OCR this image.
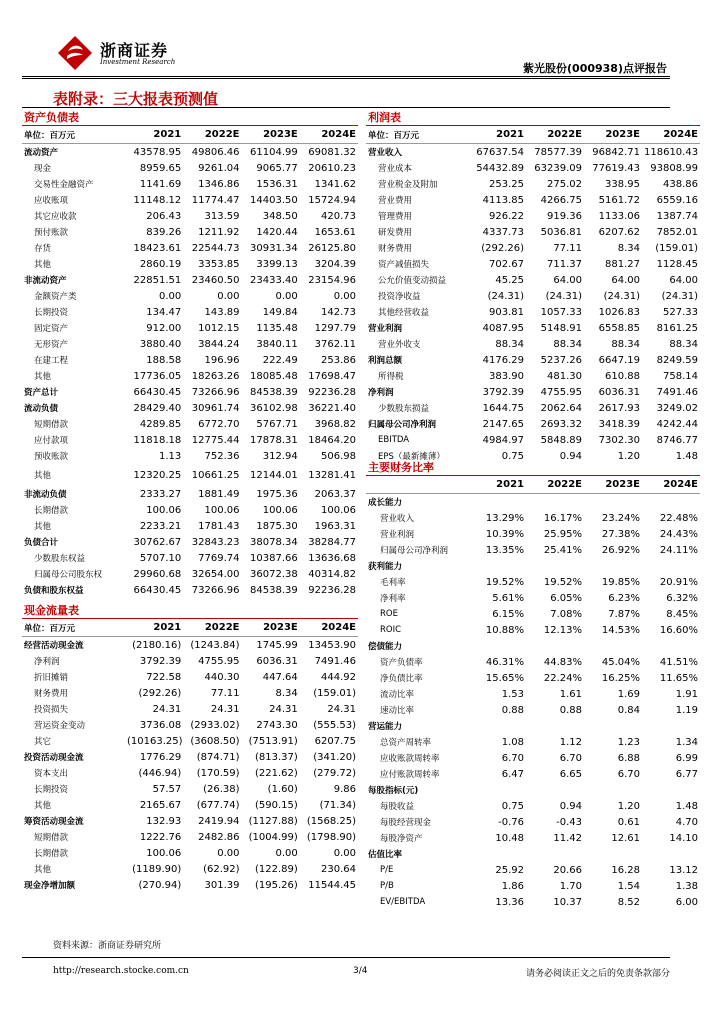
浙商证券
Investment Research	紫光股份(000938)点评报告
表附录：三大报表预测值
资产负债表
单位：百万元	2021	2022E	2023E	2024E
流动资产	43578.95	49806.46	61104.99	69081.32
现金	8959.65	9261.04	9065.77	20610.23
交易性金融资产	1141.69	1346.86	1536.31	1341.62
应收账项	11148.12	11774.47	14403.50	15724.94
其它应收款	206.43	313.59	348.50	420.73
预付账款	839.26	1211.92	1420.44	1653.61
存货	18423.61	22544.73	30931.34	26125.80
其他	2860.19	3353.85	3399.13	3204.39
非流动资产	22851.51	23460.50	23433.40	23154.96
金额资产类	0.00	0.00	0.00	0.00
长期投资	134.47	143.89	149.84	142.73
固定资产	912.00	1012.15	1135.48	1297.79
无形资产	3880.40	3844.24	3840.11	3762.11
在建工程	188.58	196.96	222.49	253.86
其他	17736.05	18263.26	18085.48	17698.47
资产总计	66430.45	73266.96	84538.39	92236.28
流动负债	28429.40	30961.74	36102.98	36221.40
短期借款	4289.85	6772.70	5767.71	3968.82
应付款项	11818.18	12775.44	17878.31	18464.20
预收账款	1.13	752.36	312.94	506.98
其他	12320.25	10661.25	12144.01	13281.41
非流动负债	2333.27	1881.49	1975.36	2063.37
长期借款	100.06	100.06	100.06	100.06
其他	2233.21	1781.43	1875.30	1963.31
负债合计	30762.67	32843.23	38078.34	38284.77
少数股东权益	5707.10	7769.74	10387.66	13636.68
归属母公司股东权	29960.68	32654.00	36072.38	40314.82
负债和股东权益	66430.45	73266.96	84538.39	92236.28
现金流量表
单位：百万元	2021	2022E	2023E	2024E
经营活动现金流	(2180.16)	(1243.84)	1745.99	13453.90
净利润	3792.39	4755.95	6036.31	7491.46
折旧摊销	722.58	440.30	447.64	444.92
财务费用	(292.26)	77.11	8.34	(159.01)
投资损失	24.31	24.31	24.31	24.31
营运资金变动	3736.08	(2933.02)	2743.30	(555.53)
其它	(10163.25)	(3608.50)	(7513.91)	6207.75
投资活动现金流	1776.29	(874.71)	(813.37)	(341.20)
资本支出	(446.94)	(170.59)	(221.62)	(279.72)
长期投资	57.57	(26.38)	(1.60)	9.86
其他	2165.67	(677.74)	(590.15)	(71.34)
筹资活动现金流	132.93	2419.94	(1127.88)	(1568.25)
短期借款	1222.76	2482.86	(1004.99)	(1798.90)
长期借款	100.06	0.00	0.00	0.00
其他	(1189.90)	(62.92)	(122.89)	230.64
现金净增加额	(270.94)	301.39	(195.26)	11544.45
利润表
单位：百万元	2021	2022E	2023E	2024E
营业收入	67637.54	78577.39	96842.71	118610.43
营业成本	54432.89	63239.09	77619.43	93808.99
营业税金及附加	253.25	275.02	338.95	438.86
营业费用	4113.85	4266.75	5161.72	6559.16
管理费用	926.22	919.36	1133.06	1387.74
研发费用	4337.73	5036.81	6207.62	7852.01
财务费用	(292.26)	77.11	8.34	(159.01)
资产减值损失	702.67	711.37	881.27	1128.45
公允价值变动损益	45.25	64.00	64.00	64.00
投资净收益	(24.31)	(24.31)	(24.31)	(24.31)
其他经营收益	903.81	1057.33	1026.83	527.33
营业利润	4087.95	5148.91	6558.85	8161.25
营业外收支	88.34	88.34	88.34	88.34
利润总额	4176.29	5237.26	6647.19	8249.59
所得税	383.90	481.30	610.88	758.14
净利润	3792.39	4755.95	6036.31	7491.46
少数股东损益	1644.75	2062.64	2617.93	3249.02
归属母公司净利润	2147.65	2693.32	3418.39	4242.44
EBITDA	4984.97	5848.89	7302.30	8746.77
EPS（最新摊薄）	0.75	0.94	1.20	1.48
主要财务比率
	2021	2022E	2023E	2024E
成长能力				
营业收入	13.29%	16.17%	23.24%	22.48%
营业利润	10.39%	25.95%	27.38%	24.43%
归属母公司净利润	13.35%	25.41%	26.92%	24.11%
获利能力				
毛利率	19.52%	19.52%	19.85%	20.91%
净利率	5.61%	6.05%	6.23%	6.32%
ROE	6.15%	7.08%	7.87%	8.45%
ROIC	10.88%	12.13%	14.53%	16.60%
偿债能力				
资产负债率	46.31%	44.83%	45.04%	41.51%
净负债比率	15.65%	22.24%	16.25%	11.65%
流动比率	1.53	1.61	1.69	1.91
速动比率	0.88	0.88	0.84	1.19
营运能力				
总资产周转率	1.08	1.12	1.23	1.34
应收账款周转率	6.70	6.70	6.88	6.99
应付账款周转率	6.47	6.65	6.70	6.77
每股指标(元)				
每股收益	0.75	0.94	1.20	1.48
每股经营现金	-0.76	-0.43	0.61	4.70
每股净资产	10.48	11.42	12.61	14.10
估值比率				
P/E	25.92	20.66	16.28	13.12
P/B	1.86	1.70	1.54	1.38
EV/EBITDA	13.36	10.37	8.52	6.00
资料来源：浙商证券研究所
http://research.stocke.com.cn	3/4	请务必阅读正文之后的免责条款部分
